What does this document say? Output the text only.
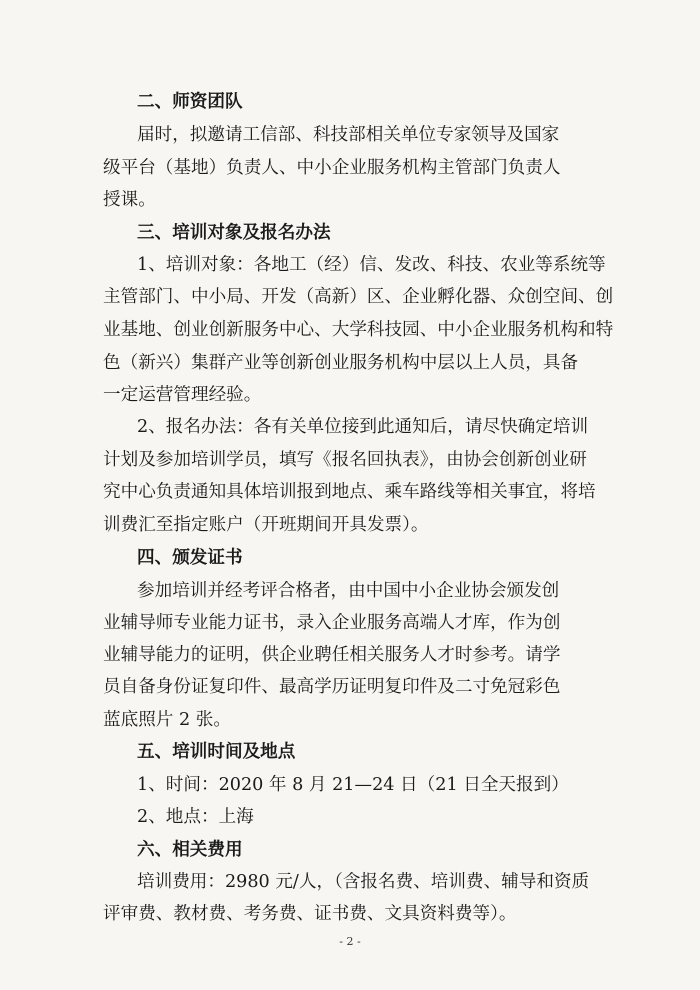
二、师资团队
届时，拟邀请工信部、科技部相关单位专家领导及国家
级平台（基地）负责人、中小企业服务机构主管部门负责人
授课。
三、培训对象及报名办法
1、培训对象：各地工（经）信、发改、科技、农业等系统等
主管部门、中小局、开发（高新）区、企业孵化器、众创空间、创
业基地、创业创新服务中心、大学科技园、中小企业服务机构和特
色（新兴）集群产业等创新创业服务机构中层以上人员，具备
一定运营管理经验。
2、报名办法：各有关单位接到此通知后，请尽快确定培训
计划及参加培训学员，填写《报名回执表》，由协会创新创业研
究中心负责通知具体培训报到地点、乘车路线等相关事宜，将培
训费汇至指定账户（开班期间开具发票）。
四、颁发证书
参加培训并经考评合格者，由中国中小企业协会颁发创
业辅导师专业能力证书，录入企业服务高端人才库，作为创
业辅导能力的证明，供企业聘任相关服务人才时参考。请学
员自备身份证复印件、最高学历证明复印件及二寸免冠彩色
蓝底照片 2 张。
五、培训时间及地点
1、时间：2020 年 8 月 21—24 日（21 日全天报到）
2、地点：上海
六、相关费用
培训费用：2980 元/人，（含报名费、培训费、辅导和资质
评审费、教材费、考务费、证书费、文具资料费等）。
- 2 -
